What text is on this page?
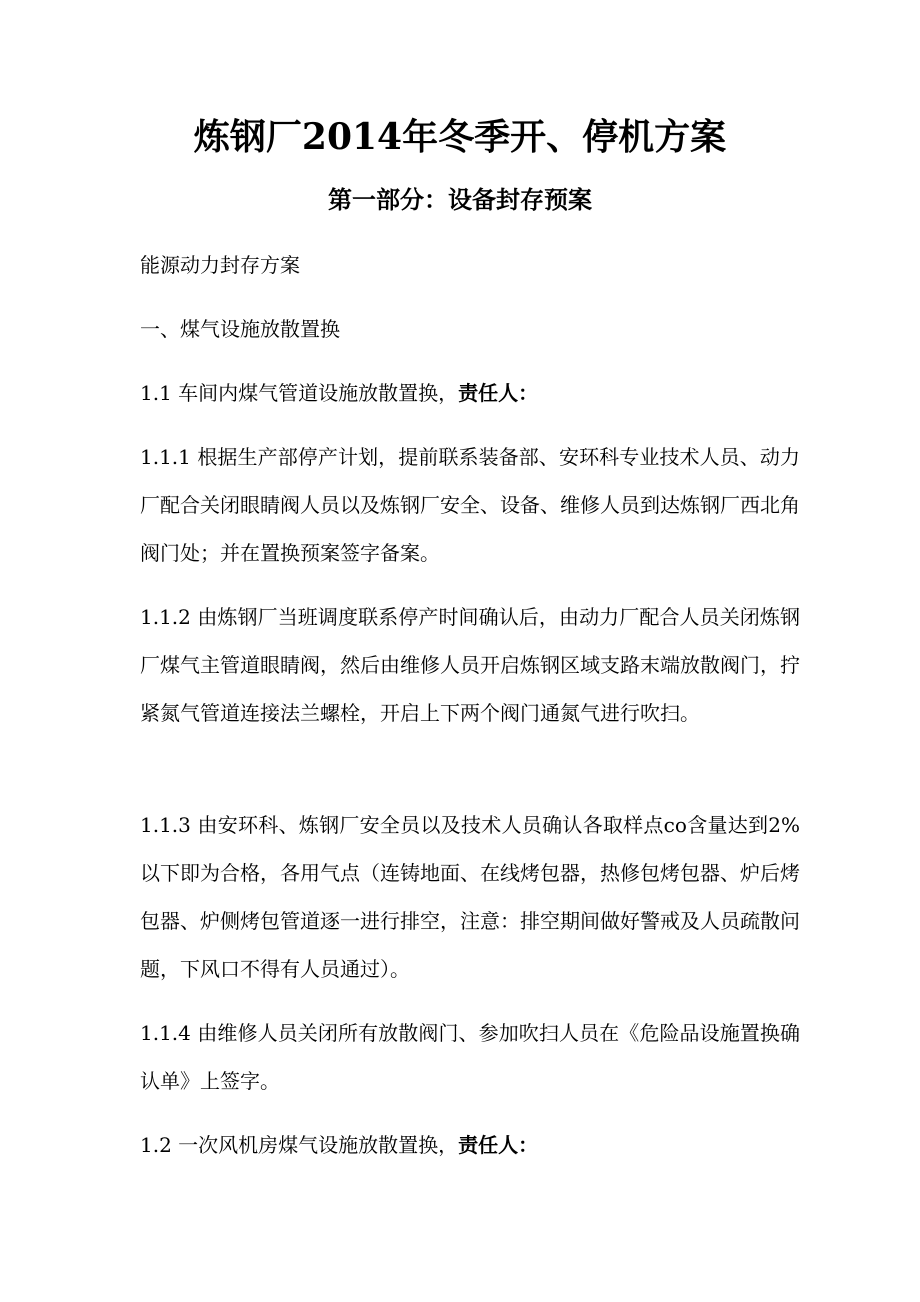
炼钢厂2014年冬季开、停机方案
第一部分：设备封存预案

能源动力封存方案

一、煤气设施放散置换

1.1 车间内煤气管道设施放散置换，责任人：

1.1.1 根据生产部停产计划，提前联系装备部、安环科专业技术人员、动力厂配合关闭眼睛阀人员以及炼钢厂安全、设备、维修人员到达炼钢厂西北角阀门处；并在置换预案签字备案。

1.1.2 由炼钢厂当班调度联系停产时间确认后，由动力厂配合人员关闭炼钢厂煤气主管道眼睛阀，然后由维修人员开启炼钢区域支路末端放散阀门，拧紧氮气管道连接法兰螺栓，开启上下两个阀门通氮气进行吹扫。

1.1.3 由安环科、炼钢厂安全员以及技术人员确认各取样点co含量达到2%以下即为合格，各用气点（连铸地面、在线烤包器，热修包烤包器、炉后烤包器、炉侧烤包管道逐一进行排空，注意：排空期间做好警戒及人员疏散问题，下风口不得有人员通过）。

1.1.4 由维修人员关闭所有放散阀门、参加吹扫人员在《危险品设施置换确认单》上签字。

1.2 一次风机房煤气设施放散置换，责任人：
